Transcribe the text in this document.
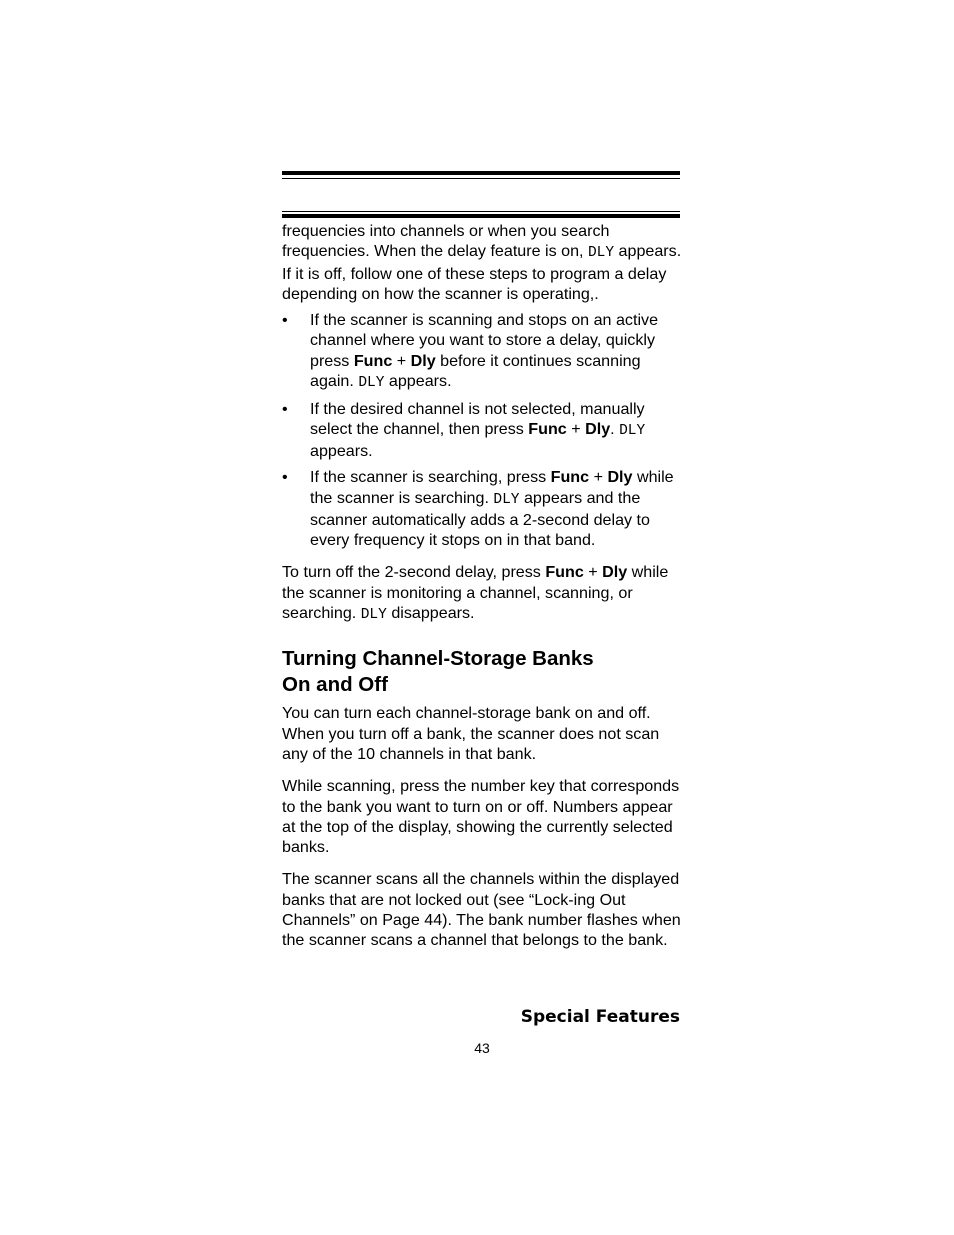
frequencies into channels or when you search frequencies. When the delay feature is on, DLY appears. If it is off, follow one of these steps to program a delay depending on how the scanner is operating,.

• If the scanner is scanning and stops on an active channel where you want to store a delay, quickly press Func + Dly before it continues scanning again. DLY appears.
• If the desired channel is not selected, manually select the channel, then press Func + Dly. DLY appears.
• If the scanner is searching, press Func + Dly while the scanner is searching. DLY appears and the scanner automatically adds a 2-second delay to every frequency it stops on in that band.

To turn off the 2-second delay, press Func + Dly while the scanner is monitoring a channel, scanning, or searching. DLY disappears.

Turning Channel-Storage Banks
On and Off

You can turn each channel-storage bank on and off. When you turn off a bank, the scanner does not scan any of the 10 channels in that bank.

While scanning, press the number key that corresponds to the bank you want to turn on or off. Numbers appear at the top of the display, showing the currently selected banks.

The scanner scans all the channels within the displayed banks that are not locked out (see “Lock-ing Out Channels” on Page 44). The bank number flashes when the scanner scans a channel that belongs to the bank.

Special Features
43
